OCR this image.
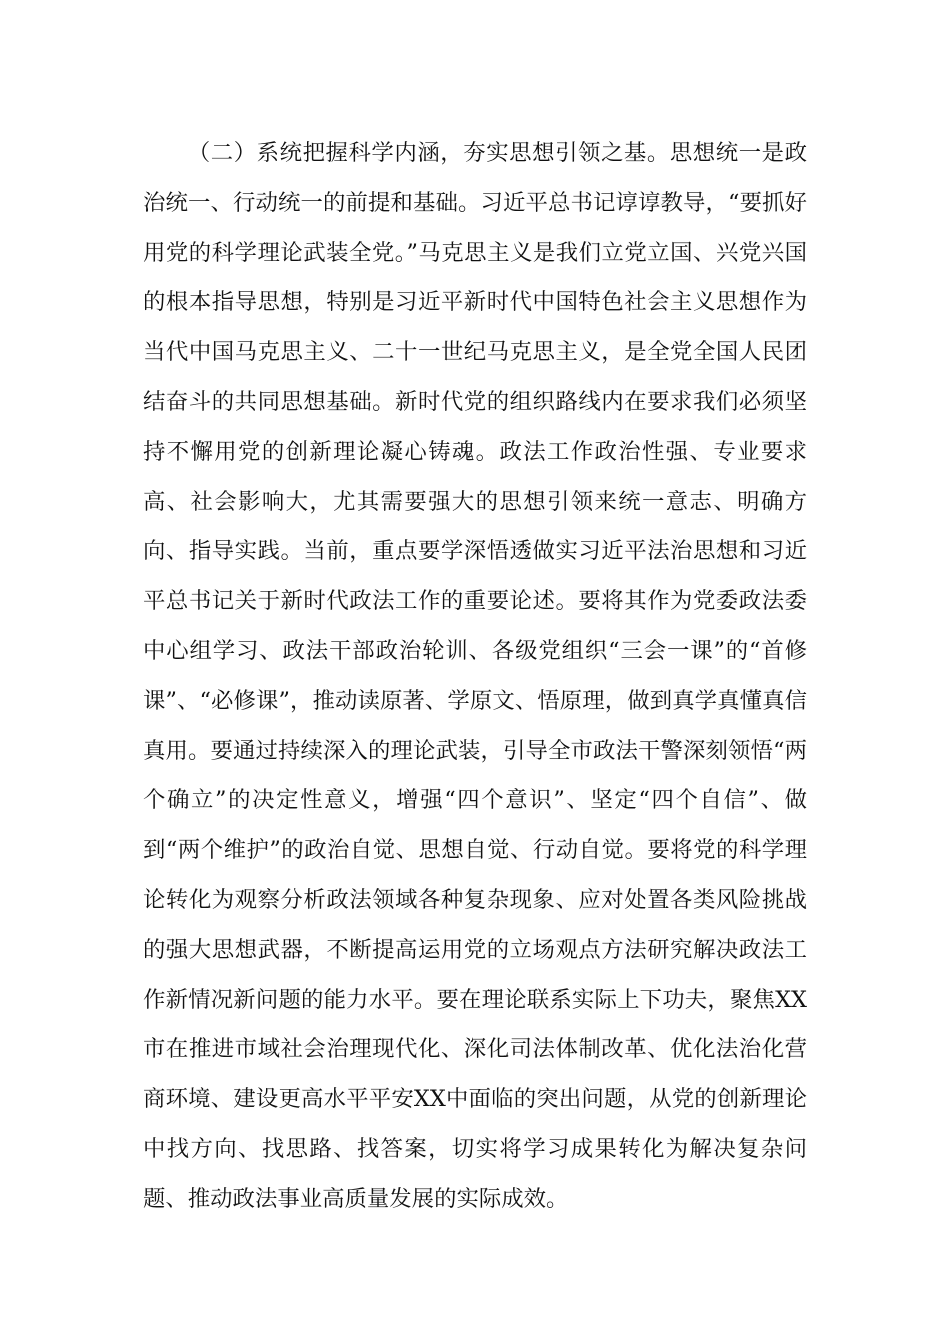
（二）系统把握科学内涵，夯实思想引领之基。思想统一是政治统一、行动统一的前提和基础。习近平总书记谆谆教导，“要抓好用党的科学理论武装全党。”马克思主义是我们立党立国、兴党兴国的根本指导思想，特别是习近平新时代中国特色社会主义思想作为当代中国马克思主义、二十一世纪马克思主义，是全党全国人民团结奋斗的共同思想基础。新时代党的组织路线内在要求我们必须坚持不懈用党的创新理论凝心铸魂。政法工作政治性强、专业要求高、社会影响大，尤其需要强大的思想引领来统一意志、明确方向、指导实践。当前，重点要学深悟透做实习近平法治思想和习近平总书记关于新时代政法工作的重要论述。要将其作为党委政法委中心组学习、政法干部政治轮训、各级党组织“三会一课”的“首修课”、“必修课”，推动读原著、学原文、悟原理，做到真学真懂真信真用。要通过持续深入的理论武装，引导全市政法干警深刻领悟“两个确立”的决定性意义，增强“四个意识”、坚定“四个自信”、做到“两个维护”的政治自觉、思想自觉、行动自觉。要将党的科学理论转化为观察分析政法领域各种复杂现象、应对处置各类风险挑战的强大思想武器，不断提高运用党的立场观点方法研究解决政法工作新情况新问题的能力水平。要在理论联系实际上下功夫，聚焦XX市在推进市域社会治理现代化、深化司法体制改革、优化法治化营商环境、建设更高水平平安XX中面临的突出问题，从党的创新理论中找方向、找思路、找答案，切实将学习成果转化为解决复杂问题、推动政法事业高质量发展的实际成效。
